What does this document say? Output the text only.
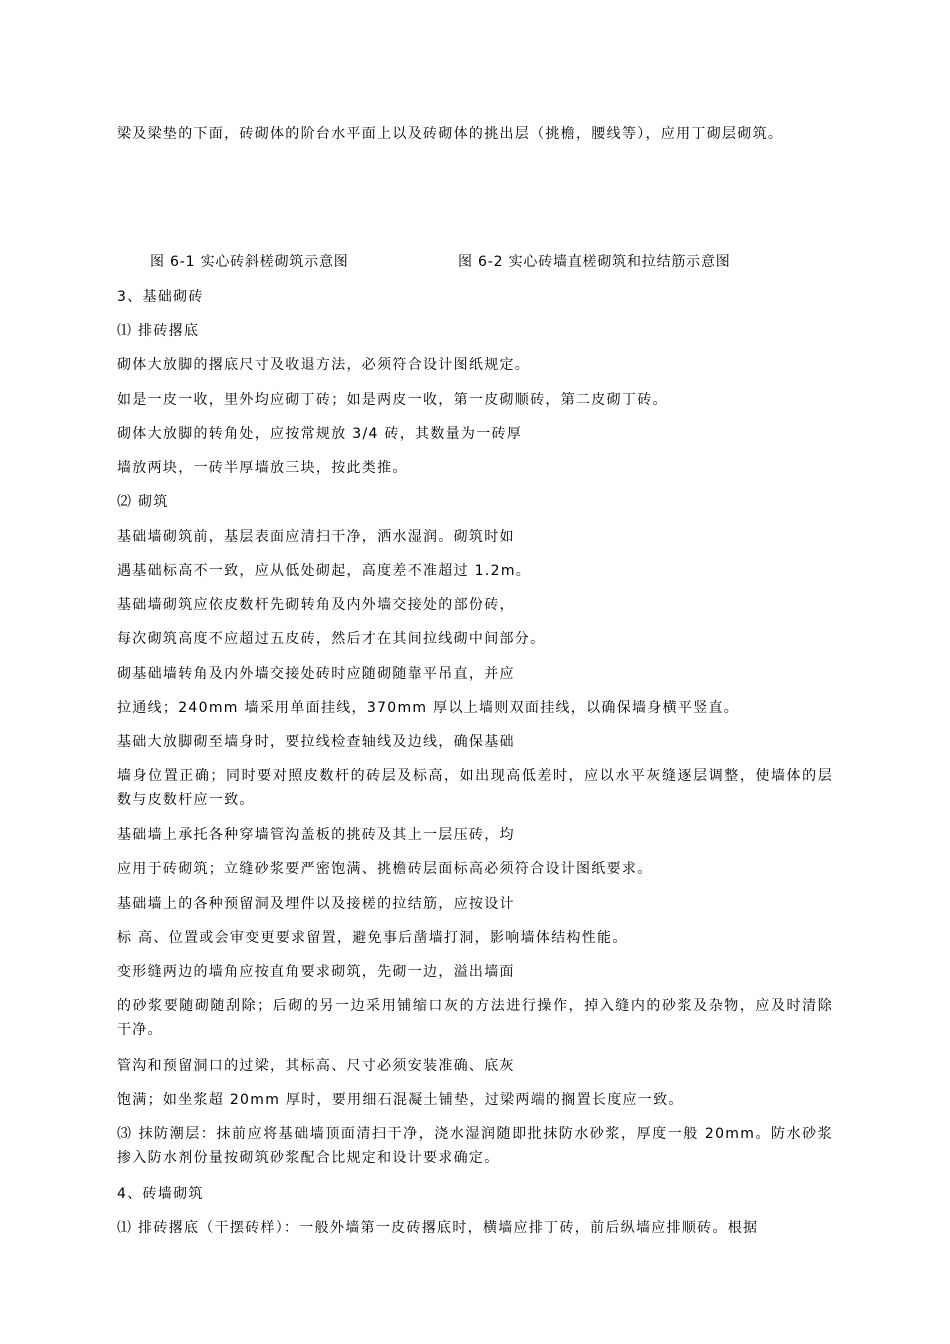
梁及梁垫的下面，砖砌体的阶台水平面上以及砖砌体的挑出层（挑檐，腰线等），应用丁砌层砌筑。
图 6-1 实心砖斜槎砌筑示意图	图 6-2 实心砖墙直槎砌筑和拉结筋示意图
3、基础砌砖
⑴ 排砖撂底
砌体大放脚的撂底尺寸及收退方法，必须符合设计图纸规定。
如是一皮一收，里外均应砌丁砖；如是两皮一收，第一皮砌顺砖，第二皮砌丁砖。
砌体大放脚的转角处，应按常规放 3/4 砖，其数量为一砖厚
墙放两块，一砖半厚墙放三块，按此类推。
⑵ 砌筑
基础墙砌筑前，基层表面应清扫干净，洒水湿润。砌筑时如
遇基础标高不一致，应从低处砌起，高度差不准超过 1.2m。
基础墙砌筑应依皮数杆先砌转角及内外墙交接处的部份砖，
每次砌筑高度不应超过五皮砖，然后才在其间拉线砌中间部分。
砌基础墙转角及内外墙交接处砖时应随砌随靠平吊直，并应
拉通线；240mm 墙采用单面挂线，370mm 厚以上墙则双面挂线，以确保墙身横平竖直。
基础大放脚砌至墙身时，要拉线检查轴线及边线，确保基础
墙身位置正确；同时要对照皮数杆的砖层及标高，如出现高低差时，应以水平灰缝逐层调整，使墙体的层数与皮数杆应一致。
基础墙上承托各种穿墙管沟盖板的挑砖及其上一层压砖，均
应用于砖砌筑；立缝砂浆要严密饱满、挑檐砖层面标高必须符合设计图纸要求。
基础墙上的各种预留洞及埋件以及接槎的拉结筋，应按设计
标 高、位置或会审变更要求留置，避免事后凿墙打洞，影响墙体结构性能。
变形缝两边的墙角应按直角要求砌筑，先砌一边，溢出墙面
的砂浆要随砌随刮除；后砌的另一边采用铺缩口灰的方法进行操作，掉入缝内的砂浆及杂物，应及时清除干净。
管沟和预留洞口的过梁，其标高、尺寸必须安装准确、底灰
饱满；如坐浆超 20mm 厚时，要用细石混凝土铺垫，过梁两端的搁置长度应一致。
⑶ 抹防潮层：抹前应将基础墙顶面清扫干净，浇水湿润随即批抹防水砂浆，厚度一般 20mm。防水砂浆掺入防水剂份量按砌筑砂浆配合比规定和设计要求确定。
4、砖墙砌筑
⑴ 排砖撂底（干摆砖样）：一般外墙第一皮砖撂底时，横墙应排丁砖，前后纵墙应排顺砖。根据
